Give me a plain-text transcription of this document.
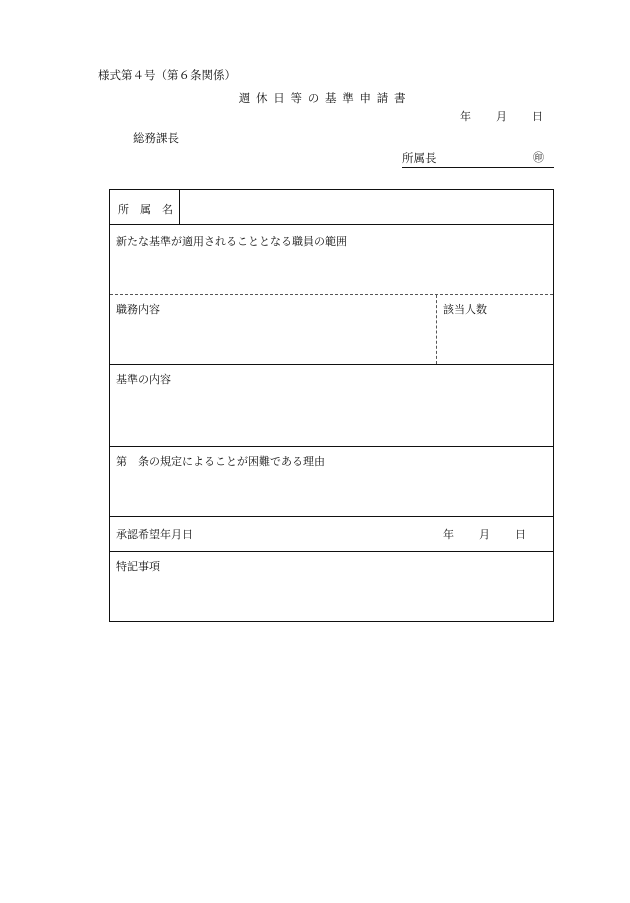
様式第４号（第６条関係）
週休日等の基準申請書
年 月 日
総務課長
所属長	㊞
所　属　名
新たな基準が適用されることとなる職員の範囲
職務内容	該当人数
基準の内容
第　条の規定によることが困難である理由
承認希望年月日	年 月 日
特記事項
